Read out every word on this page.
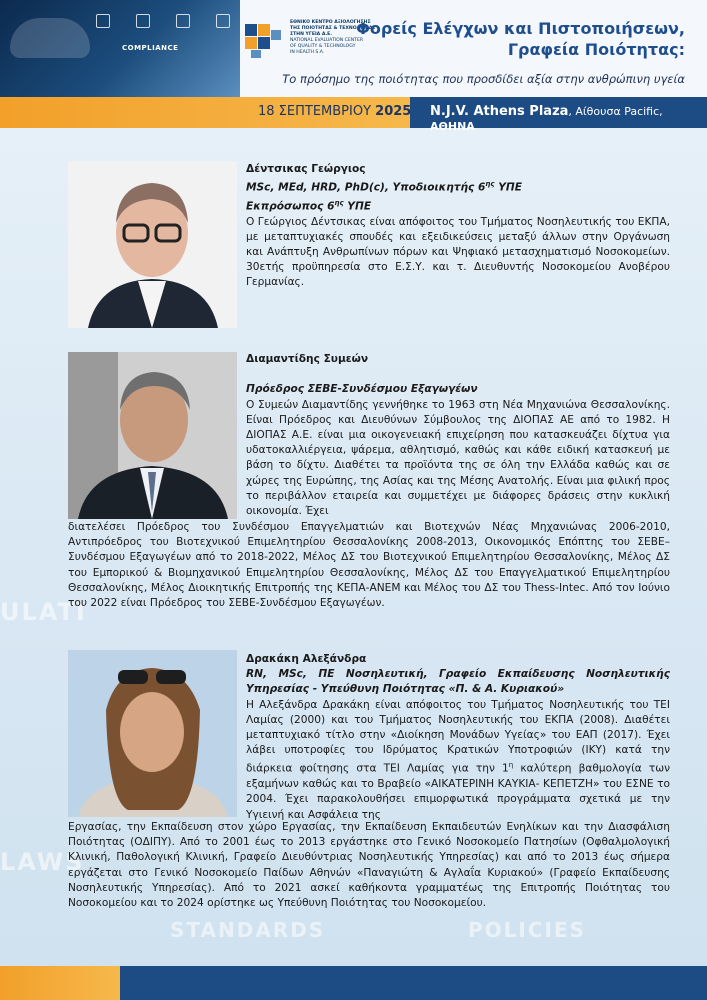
COMPLIANCE
ΕΘΝΙΚΟ ΚΕΝΤΡΟ ΑΞΙΟΛΟΓΗΣΗΣ
ΤΗΣ ΠΟΙΟΤΗΤΑΣ & ΤΕΧΝΟΛΟΓΙΑΣ
ΣΤΗΝ ΥΓΕΙΑ Α.Ε.
NATIONAL EVALUATION CENTER
OF QUALITY & TECHNOLOGY
IN HEALTH S.A.
Φορείς Ελέγχων και Πιστοποιήσεων,
Γραφεία Ποιότητας:
Το πρόσημο της ποιότητας που προσδίδει αξία στην ανθρώπινη υγεία
18 ΣΕΠΤΕΜΒΡΙΟΥ 2025 N.J.V. Athens Plaza, Αίθουσα Pacific, ΑΘΗΝΑ
ULATI
LAWS
STANDARDS	POLICIES

Δέντσικας Γεώργιος

MSc, MEd, HRD, PhD(c), Υποδιοικητής $6^{\eta\varsigma}$ ΥΠΕ

Εκπρόσωπος $6^{\eta\varsigma}$ ΥΠΕ

Ο Γεώργιος Δέντσικας είναι απόφοιτος του Τμήματος Νοσηλευτικής του ΕΚΠΑ, με μεταπτυχιακές σπουδές και εξειδικεύσεις μεταξύ άλλων στην Οργάνωση και Ανάπτυξη Ανθρωπίνων πόρων και Ψηφιακό μετασχηματισμό Νοσοκομείων. 30ετής προϋπηρεσία στο Ε.Σ.Υ. και τ. Διευθυντής Νοσοκομείου Ανοβέρου Γερμανίας.

Διαμαντίδης Συμεών

Πρόεδρος ΣΕΒΕ-Συνδέσμου Εξαγωγέων

Ο Συμεών Διαμαντίδης γεννήθηκε το 1963 στη Νέα Μηχανιώνα Θεσσαλονίκης. Είναι Πρόεδρος και Διευθύνων Σύμβουλος της ΔΙΟΠΑΣ ΑΕ από το 1982. Η ΔΙΟΠΑΣ Α.Ε. είναι μια οικογενειακή επιχείρηση που κατασκευάζει δίχτυα για υδατοκαλλιέργεια, ψάρεμα, αθλητισμό, καθώς και κάθε ειδική κατασκευή με βάση το δίχτυ. Διαθέτει τα προϊόντα της σε όλη την Ελλάδα καθώς και σε χώρες της Ευρώπης, της Ασίας και της Μέσης Ανατολής. Είναι μια φιλική προς το περιβάλλον εταιρεία και συμμετέχει με διάφορες δράσεις στην κυκλική οικονομία. Έχει

διατελέσει Πρόεδρος του Συνδέσμου Επαγγελματιών και Βιοτεχνών Νέας Μηχανιώνας 2006-2010, Αντιπρόεδρος του Βιοτεχνικού Επιμελητηρίου Θεσσαλονίκης 2008-2013, Οικονομικός Επόπτης του ΣΕΒΕ–Συνδέσμου Εξαγωγέων από το 2018-2022, Μέλος ΔΣ του Βιοτεχνικού Επιμελητηρίου Θεσσαλονίκης, Μέλος ΔΣ του Εμπορικού & Βιομηχανικού Επιμελητηρίου Θεσσαλονίκης, Μέλος ΔΣ του Επαγγελματικού Επιμελητηρίου Θεσσαλονίκης, Μέλος Διοικητικής Επιτροπής της ΚΕΠΑ-ΑΝΕΜ και Μέλος του ΔΣ του Thess-Intec. Από τον Ιούνιο του 2022 είναι Πρόεδρος του ΣΕΒΕ-Συνδέσμου Εξαγωγέων.

Δρακάκη Αλεξάνδρα

RN, MSc, ΠΕ Νοσηλευτική, Γραφείο Εκπαίδευσης Νοσηλευτικής Υπηρεσίας - Υπεύθυνη Ποιότητας «Π. & Α. Κυριακού»

Η Αλεξάνδρα Δρακάκη είναι απόφοιτος του Τμήματος Νοσηλευτικής του ΤΕΙ Λαμίας (2000) και του Τμήματος Νοσηλευτικής του ΕΚΠΑ (2008). Διαθέτει μεταπτυχιακό τίτλο στην «Διοίκηση Μονάδων Υγείας» του ΕΑΠ (2017). Έχει λάβει υποτροφίες του Ιδρύματος Κρατικών Υποτροφιών (ΙΚΥ) κατά την διάρκεια φοίτησης στα ΤΕΙ Λαμίας για την $1^\eta$ καλύτερη βαθμολογία των εξαμήνων καθώς και το Βραβείο «ΑΙΚΑΤΕΡΙΝΗ ΚΑΥΚΙΑ- ΚΕΠΕΤΖΗ» του ΕΣΝΕ το 2004. Έχει παρακολουθήσει επιμορφωτικά προγράμματα σχετικά με την Υγιεινή και Ασφάλεια της

Εργασίας, την Εκπαίδευση στον χώρο Εργασίας, την Εκπαίδευση Εκπαιδευτών Ενηλίκων και την Διασφάλιση Ποιότητας (ΟΔΙΠΥ). Από το 2001 έως το 2013 εργάστηκε στο Γενικό Νοσοκομείο Πατησίων (Οφθαλμολογική Κλινική, Παθολογική Κλινική, Γραφείο Διευθύντριας Νοσηλευτικής Υπηρεσίας) και από το 2013 έως σήμερα εργάζεται στο Γενικό Νοσοκομείο Παίδων Αθηνών «Παναγιώτη & Αγλαΐα Κυριακού» (Γραφείο Εκπαίδευσης Νοσηλευτικής Υπηρεσίας). Από το 2021 ασκεί καθήκοντα γραμματέως της Επιτροπής Ποιότητας του Νοσοκομείου και το 2024 ορίστηκε ως Υπεύθυνη Ποιότητας του Νοσοκομείου.
